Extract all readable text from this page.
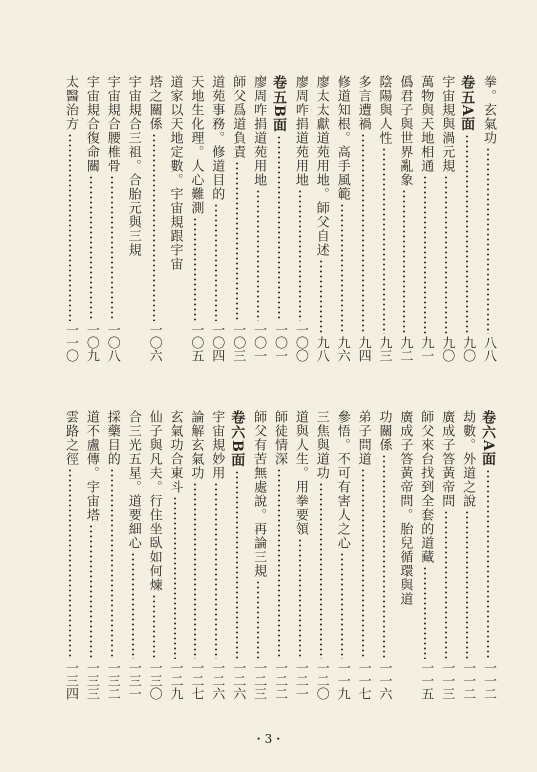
拳。玄氣功
八八
卷五A面
九〇
宇宙規與渦元規
九〇
萬物與天地相通
九一
僞君子與世界亂象
九二
陰陽與人性
九三
多言遭禍
九四
修道知根。高手風範
九六
廖太太獻道苑用地。師父自述
九八
廖周咋捐道苑用地
一〇〇
卷五B面
一〇一
廖周咋捐道苑用地
一〇一
師父爲道負責
一〇三
道苑事務。修道目的
一〇四
天地生化理。人心難測
一〇五
道家以天地定數。宇宙規跟宇宙
塔之關係
一〇六
宇宙規合三祖。合胎元與三規
宇宙規合腰椎骨
一〇八
宇宙規合復命關
一〇九
太醫治方
一一〇
卷六A面
一一二
劫數。外道之說
一一二
廣成子答黃帝問
一一三
師父來台找到全套的道藏
一一五
廣成子答黃帝問。胎兒循環與道
功關係
一一六
弟子問道
一一七
參悟。不可有害人之心
一一九
三焦與道功
一二〇
道與人生。用拳要領
一二一
師徒情深
一二二
師父有苦無處說。再論三規
一二三
卷六B面
一二六
宇宙規妙用
一二六
論解玄氣功
一二七
玄氣功合東斗
一二九
仙子與凡夫。行住坐臥如何煉
一三〇
合三光五星。道要細心
一三一
採藥目的
一三二
道不盧傳。宇宙塔
一三三
雲路之徑
一三四
・3・
